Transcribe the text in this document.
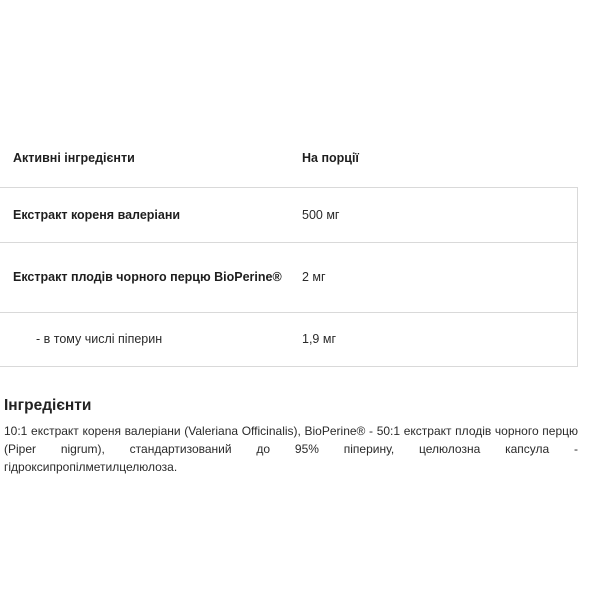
Активні інгредієнти	На порції
Екстракт кореня валеріани	500 мг
Екстракт плодів чорного перцю BioPerine®	2 мг
- в тому числі піперин	1,9 мг
Інгредієнти

10:1 екстракт кореня валеріани (Valeriana Officinalis), BioPerine® - 50:1 екстракт плодів чорного перцю (Piper nigrum), стандартизований до 95% піперину, целюлозна капсула - гідроксипропілметилцелюлоза.
